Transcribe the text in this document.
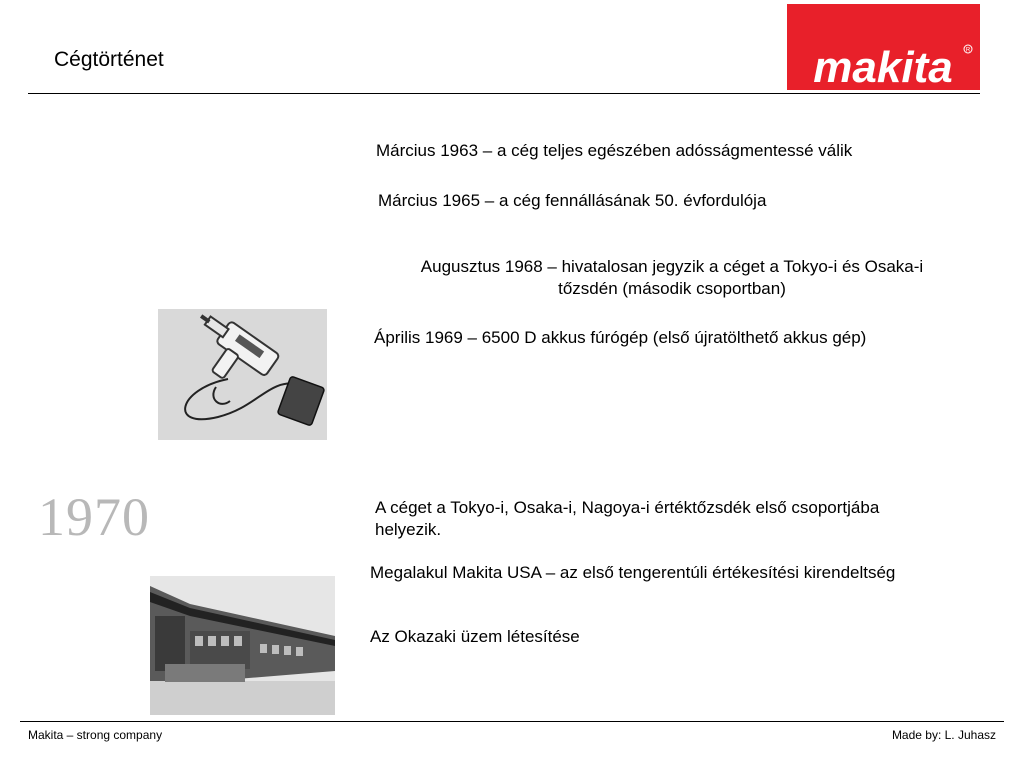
Cégtörténet	makita R
Március 1963 – a cég teljes egészében adósságmentessé válik
Március 1965 – a cég fennállásának 50. évfordulója
Augusztus 1968 – hivatalosan jegyzik a céget a Tokyo-i és Osaka-i
tőzsdén (második csoportban)
Április 1969 – 6500 D akkus fúrógép (első újratölthető akkus gép)
1970	A céget a Tokyo-i, Osaka-i, Nagoya-i értéktőzsdék első csoportjába
helyezik.
Megalakul Makita USA – az első tengerentúli értékesítési kirendeltség
Az Okazaki üzem létesítése
Makita – strong company	Made by: L. Juhasz
